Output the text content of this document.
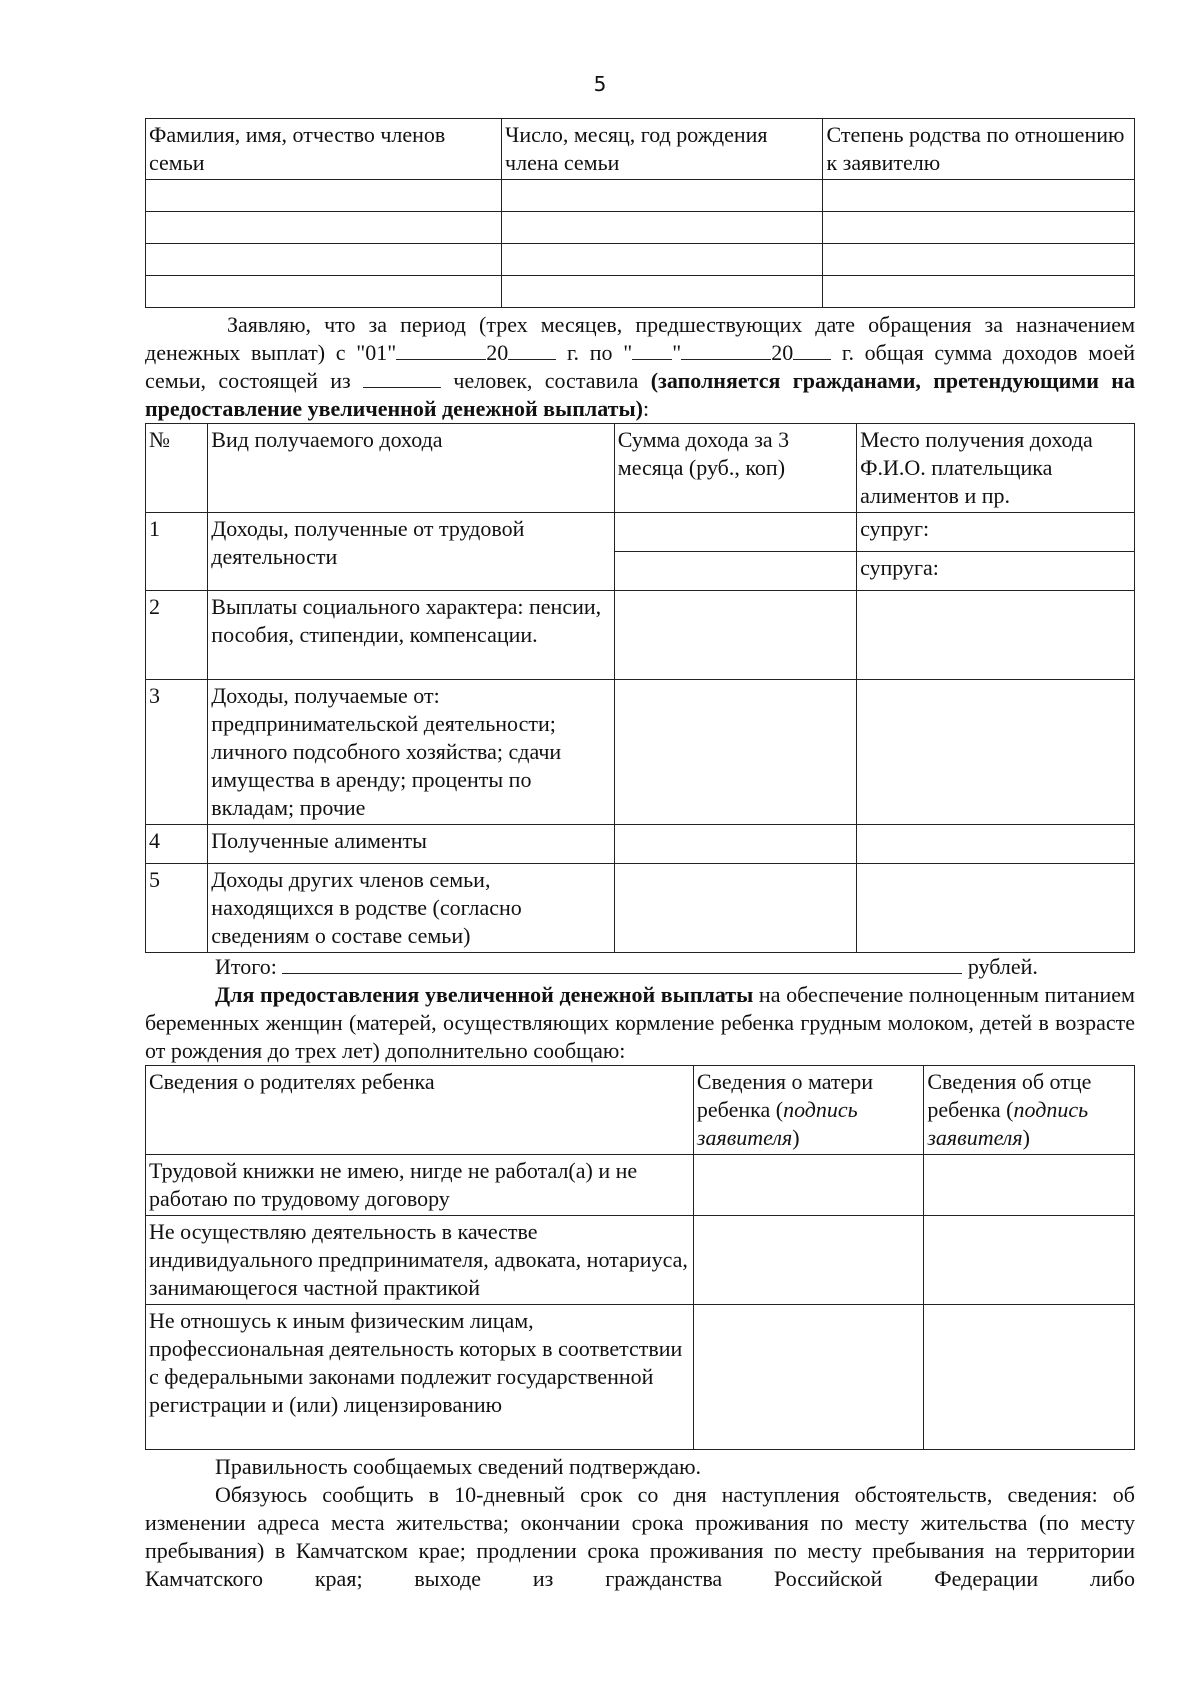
5
Фамилия, имя, отчество членов семьи	Число, месяц, год рождения члена семьи	Степень родства по отношению к заявителю

Заявляю, что за период (трех месяцев, предшествующих дате обращения за назначением денежных выплат) с "01"	20 г. по " "	20 г. общая сумма доходов моей семьи, состоящей из	человек, составила (заполняется гражданами, претендующими на предоставление увеличенной денежной выплаты):

№	Вид получаемого дохода	Сумма дохода за 3 месяца (руб., коп)	Место получения дохода Ф.И.О. плательщика алиментов и пр.
1	Доходы, полученные от трудовой деятельности		супруг:
			супруга:
2	Выплаты социального характера: пенсии, пособия, стипендии, компенсации.		
3	Доходы, получаемые от: предпринимательской деятельности; личного подсобного хозяйства; сдачи имущества в аренду; проценты по вкладам; прочие		
4	Полученные алименты		
5	Доходы других членов семьи, находящихся в родстве (согласно сведениям о составе семьи)		

Итого:	рублей.

Для предоставления увеличенной денежной выплаты на обеспечение полноценным питанием беременных женщин (матерей, осуществляющих кормление ребенка грудным молоком, детей в возрасте от рождения до трех лет) дополнительно сообщаю:

Сведения о родителях ребенка	Сведения о матери ребенка (подпись заявителя)	Сведения об отце ребенка (подпись заявителя)
Трудовой книжки не имею, нигде не работал(а) и не работаю по трудовому договору		
Не осуществляю деятельность в качестве индивидуального предпринимателя, адвоката, нотариуса, занимающегося частной практикой		
Не отношусь к иным физическим лицам, профессиональная деятельность которых в соответствии с федеральными законами подлежит государственной регистрации и (или) лицензированию		

Правильность сообщаемых сведений подтверждаю.

Обязуюсь сообщить в 10-дневный срок со дня наступления обстоятельств, сведения: об изменении адреса места жительства; окончании срока проживания по месту жительства (по месту пребывания) в Камчатском крае; продлении срока проживания по месту пребывания на территории Камчатского края; выходе из гражданства Российской Федерации либо
